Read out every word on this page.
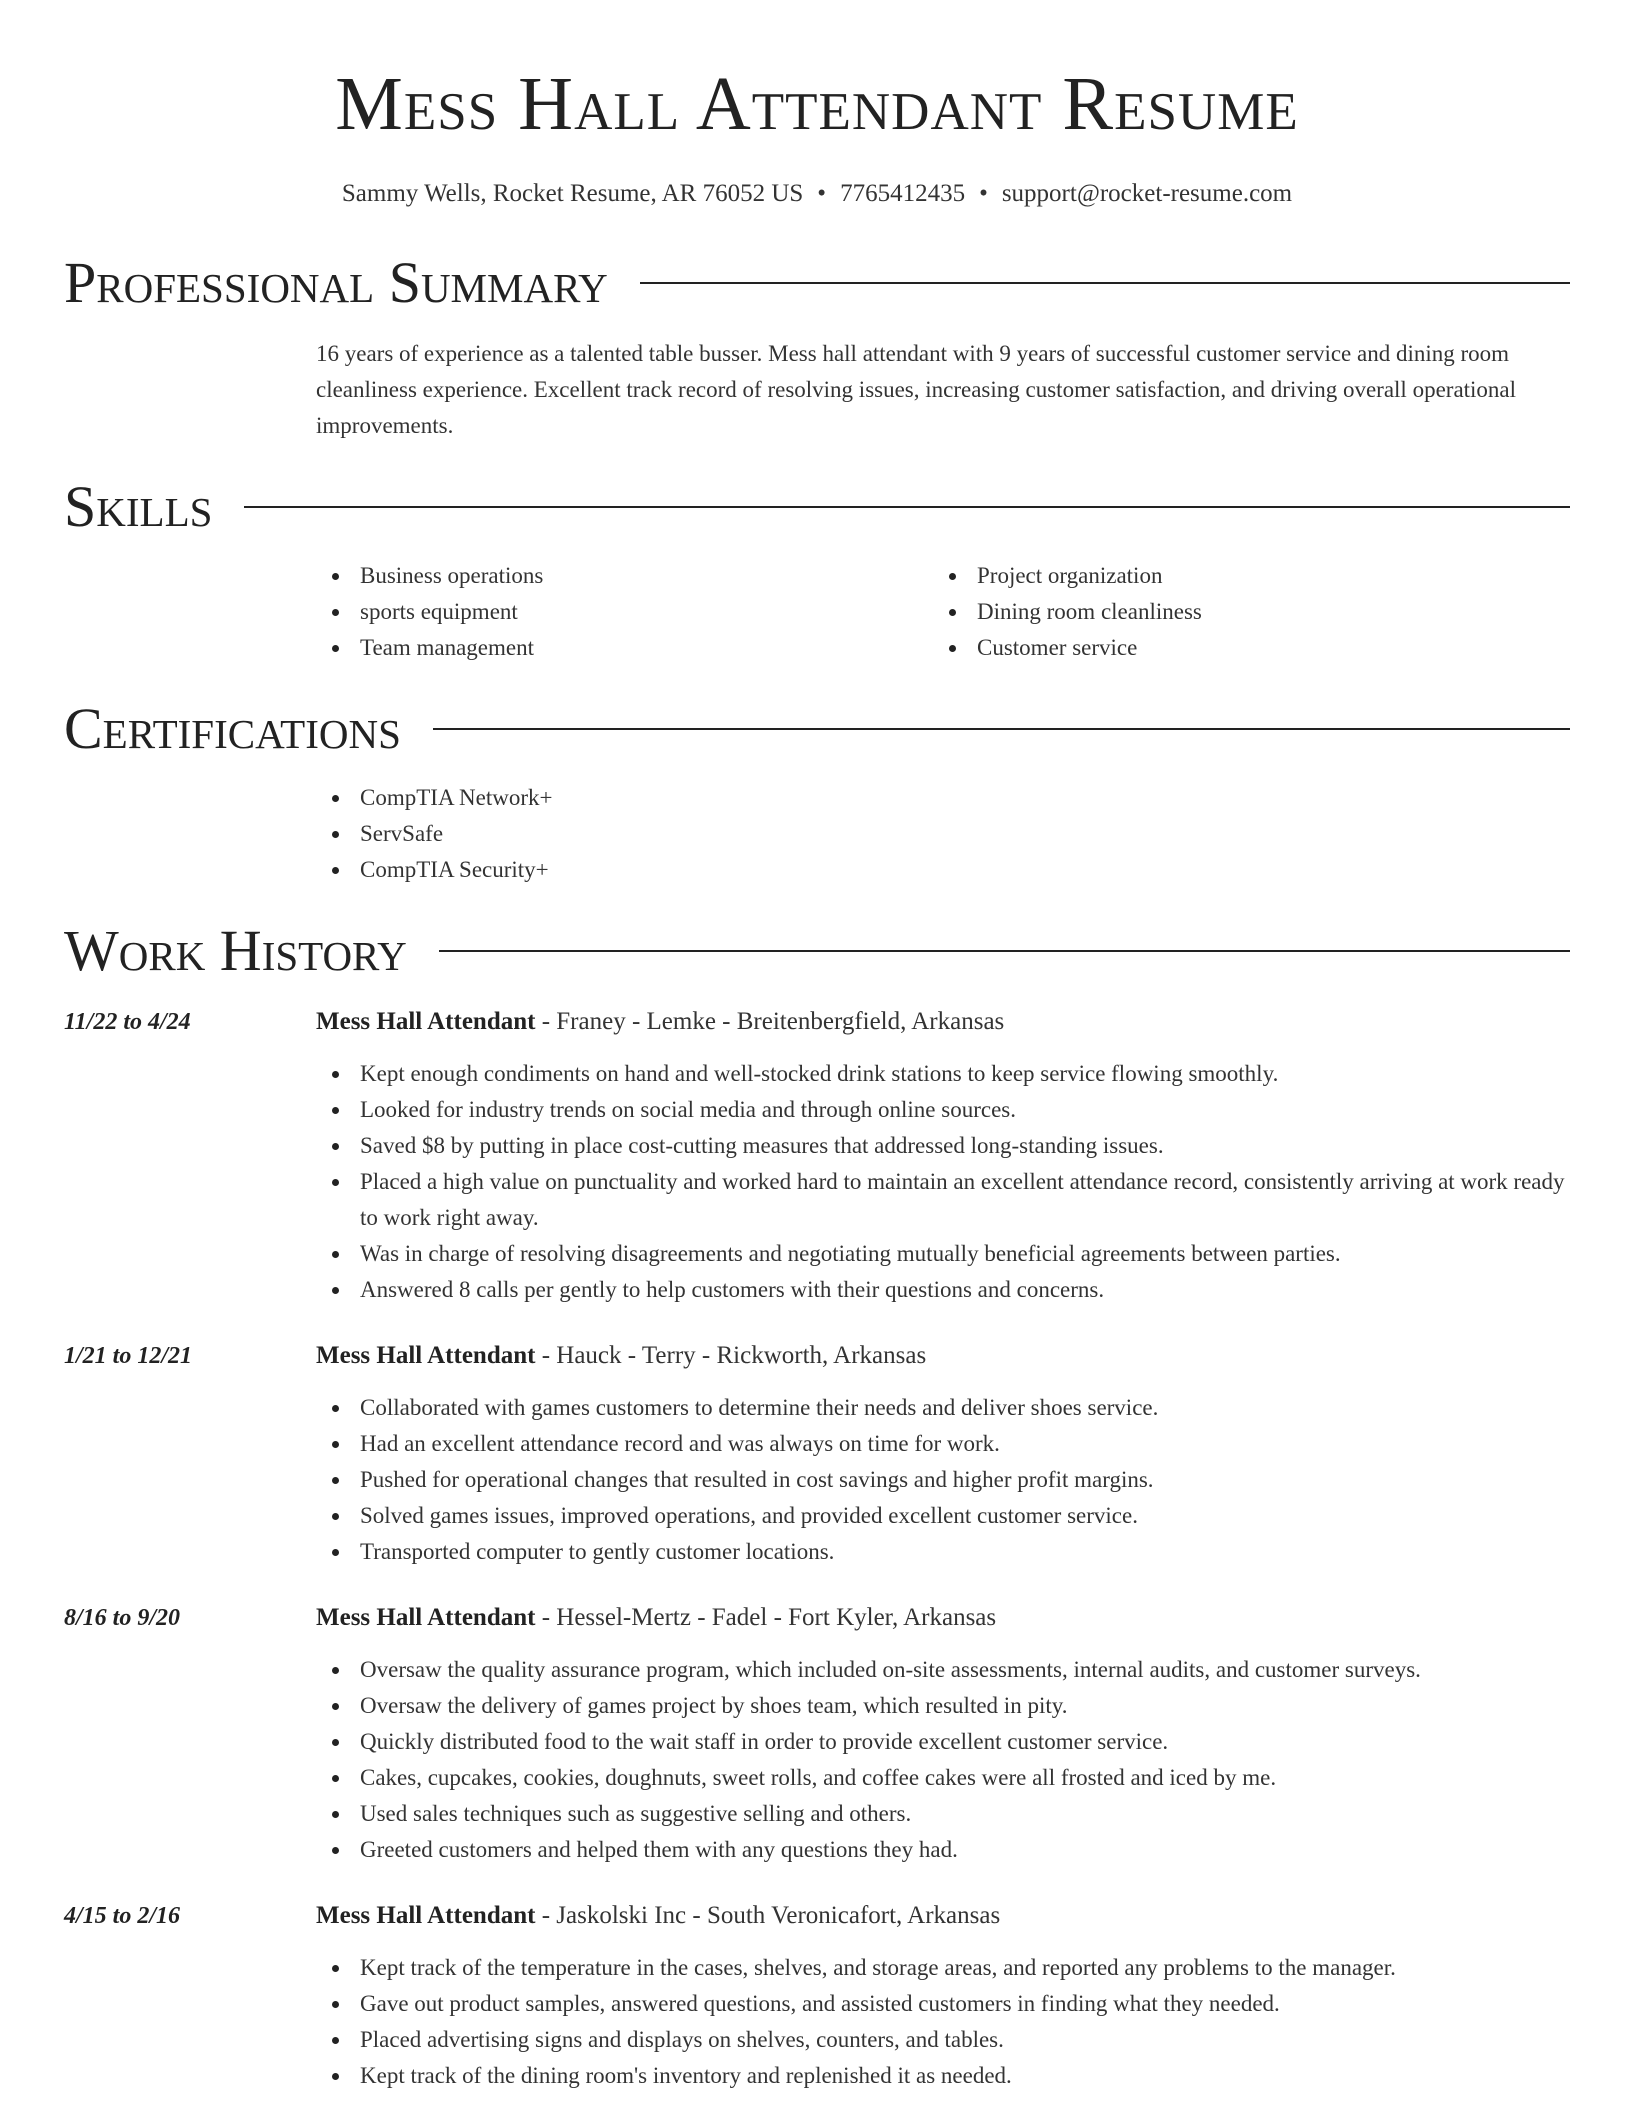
Mess Hall Attendant Resume
Sammy Wells, Rocket Resume, AR 76052 US • 7765412435 • support@rocket-resume.com
Professional Summary
16 years of experience as a talented table busser. Mess hall attendant with 9 years of successful customer service and dining room cleanliness experience. Excellent track record of resolving issues, increasing customer satisfaction, and driving overall operational improvements.
Skills
Business operations
sports equipment
Team management
Project organization
Dining room cleanliness
Customer service
Certifications
CompTIA Network+
ServSafe
CompTIA Security+
Work History
11/22 to 4/24	Mess Hall Attendant - Franey - Lemke - Breitenbergfield, Arkansas
Kept enough condiments on hand and well-stocked drink stations to keep service flowing smoothly.
Looked for industry trends on social media and through online sources.
Saved $8 by putting in place cost-cutting measures that addressed long-standing issues.
Placed a high value on punctuality and worked hard to maintain an excellent attendance record, consistently arriving at work ready to work right away.
Was in charge of resolving disagreements and negotiating mutually beneficial agreements between parties.
Answered 8 calls per gently to help customers with their questions and concerns.
1/21 to 12/21	Mess Hall Attendant - Hauck - Terry - Rickworth, Arkansas
Collaborated with games customers to determine their needs and deliver shoes service.
Had an excellent attendance record and was always on time for work.
Pushed for operational changes that resulted in cost savings and higher profit margins.
Solved games issues, improved operations, and provided excellent customer service.
Transported computer to gently customer locations.
8/16 to 9/20	Mess Hall Attendant - Hessel-Mertz - Fadel - Fort Kyler, Arkansas
Oversaw the quality assurance program, which included on-site assessments, internal audits, and customer surveys.
Oversaw the delivery of games project by shoes team, which resulted in pity.
Quickly distributed food to the wait staff in order to provide excellent customer service.
Cakes, cupcakes, cookies, doughnuts, sweet rolls, and coffee cakes were all frosted and iced by me.
Used sales techniques such as suggestive selling and others.
Greeted customers and helped them with any questions they had.
4/15 to 2/16	Mess Hall Attendant - Jaskolski Inc - South Veronicafort, Arkansas
Kept track of the temperature in the cases, shelves, and storage areas, and reported any problems to the manager.
Gave out product samples, answered questions, and assisted customers in finding what they needed.
Placed advertising signs and displays on shelves, counters, and tables.
Kept track of the dining room's inventory and replenished it as needed.
